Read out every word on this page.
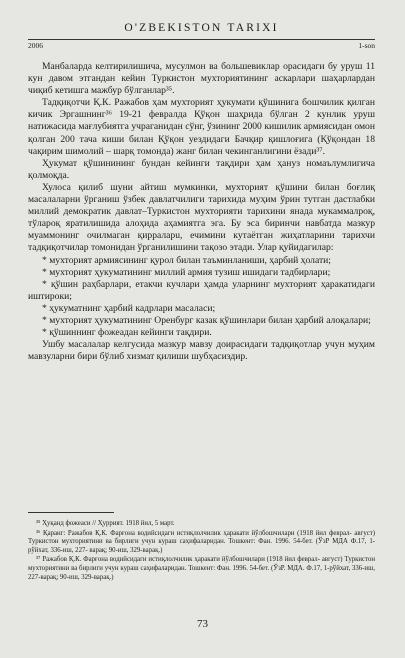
O'ZBEKISTON TARIXI
2006	1-son

Манбаларда келтирилишича, мусулмон ва большевиклар орасидаги бу уруш 11 кун давом этгандан кейин Туркистон мухториятининг аскарлари шаҳарлардан чиқиб кетишга мажбур бўлганлар³⁵.

Тадқиқотчи Қ.К. Ражабов ҳам мухторият ҳукумати қўшинига бошчилик қилган кичик Эргашнинг³⁶ 19-21 февралда Қўқон шаҳрида бўлган 2 кунлик уруш натижасида мағлубиятга учраганидан сўнг, ўзининг 2000 кишилик армиясидан омон қолган 200 тача киши билан Қўқон уездидаги Бачқир қишлоғига (Қўқондан 18 чақирим шимолий – шарқ томонда) жанг билан чекинганлигини ёзади³⁷.

Ҳукумат қўшинининг бундан кейинги тақдири ҳам ҳануз номаълумлигича қолмоқда.

Хулоса қилиб шуни айтиш мумкинки, мухторият қўшини билан боғлиқ масалаларни ўрганиш ўзбек давлатчилиги тарихида муҳим ўрин тутган дастлабки миллий демократик давлат–Туркистон мухторияти тарихини янада мукаммалроқ, тўларoқ яратилишида алоҳида аҳамиятга эга. Бу эса биринчи навбатда мазкур муаммонинг очилмаган қирраларu, ечимини кутаётган жиҳатларини тарихчи тадқиқотчилар томонидан ўрганилишини тақозо этади. Улар қуйидагилар:

* мухторият армиясининг қурол билан таъминланиши, ҳарбий ҳолати;

* мухторият ҳукуматининг миллий армия тузиш ишидаги тадбирлари;

* қўшин раҳбарлари, етакчи кучлари ҳамда уларнинг мухторият ҳаракатидаги иштироки;

* ҳукуматнинг ҳарбий кадрлари масаласи;

* мухторият ҳукуматининг Оренбург казак қўшинлари билан ҳарбий алоқалари;

* қўшиннинг фожеадан кейинги тақдири.

Ушбу масалалар келгусида мазкур мавзу доирасидаги тадқиқотлар учун муҳим мавзуларни бири бўлиб хизмат қилиши шубҳасиздир.

³⁵ Ҳуқанд фожеаси // Ҳуррият. 1918 йил, 5 март.

³⁶ Қаранг: Ражабов Қ.К. Фарғона водийсидаги истиқлолчилик ҳаракати йўлбошчилари (1918 йил феврал- август) Туркистон мухториятини ва бирлиги учун кураш саҳифаларидан. Тошкент: Фан. 1996. 54-бет. (ЎзР МДА Ф.17, 1-рўйхат, 336-иш, 227- варақ; 90-иш, 329-варақ.)

³⁷ Ражабов Қ.К. Фарғона водийсидаги истиқлолчилик ҳаракати йўлбошчилари (1918 йил феврал- август) Туркистон мухториятини ва бирлиги учун кураш саҳифаларидан. Тошкент: Фан. 1996. 54-бет. (ЎзР. МДА. Ф.17, 1-рўйхат, 336-иш, 227-варақ; 90-иш, 329-варақ.)

73
